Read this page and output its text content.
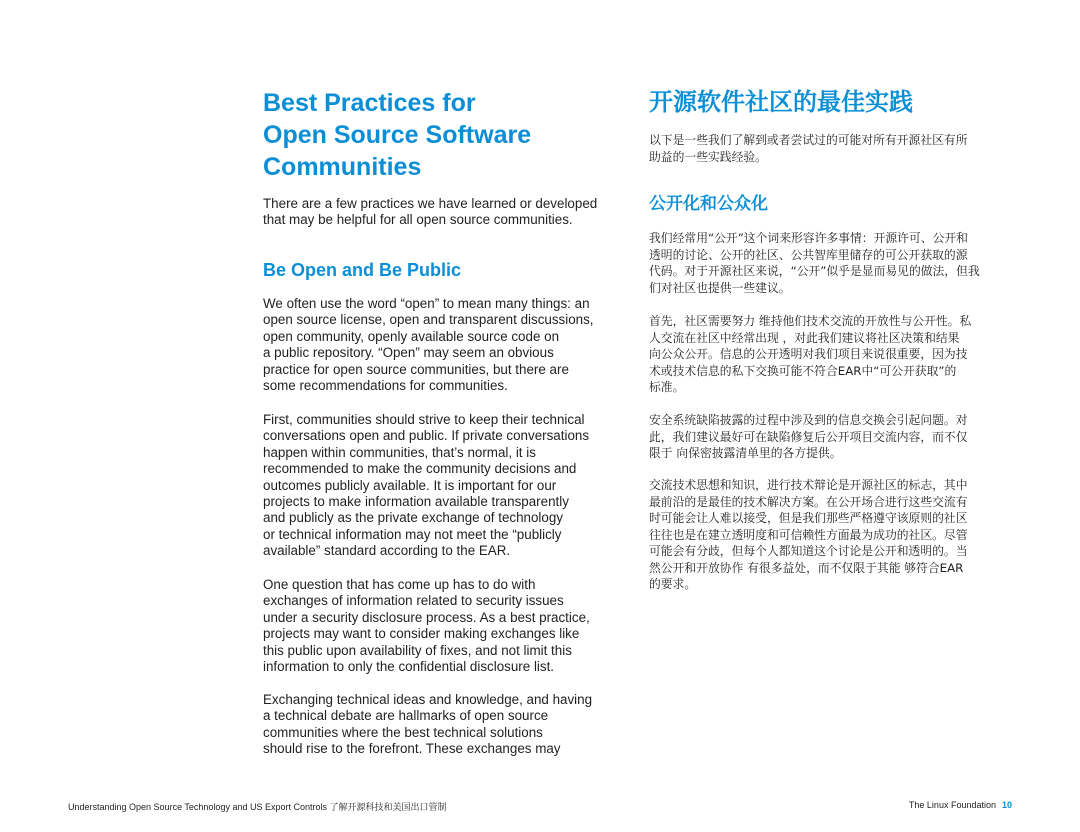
Best Practices for
Open Source Software
Communities

There are a few practices we have learned or developed
that may be helpful for all open source communities.

Be Open and Be Public

We often use the word “open” to mean many things: an
open source license, open and transparent discussions,
open community, openly available source code on
a public repository. “Open” may seem an obvious
practice for open source communities, but there are
some recommendations for communities.

First, communities should strive to keep their technical
conversations open and public. If private conversations
happen within communities, that’s normal, it is
recommended to make the community decisions and
outcomes publicly available. It is important for our
projects to make information available transparently
and publicly as the private exchange of technology
or technical information may not meet the “publicly
available” standard according to the EAR.

One question that has come up has to do with
exchanges of information related to security issues
under a security disclosure process. As a best practice,
projects may want to consider making exchanges like
this public upon availability of fixes, and not limit this
information to only the confidential disclosure list.

Exchanging technical ideas and knowledge, and having
a technical debate are hallmarks of open source
communities where the best technical solutions
should rise to the forefront. These exchanges may

开源软件社区的最佳实践

以下是一些我们了解到或者尝试过的可能对所有开源社区有所
助益的一些实践经验。

公开化和公众化

我们经常用“公开”这个词来形容许多事情：开源许可、公开和
透明的讨论、公开的社区、公共智库里储存的可公开获取的源
代码。对于开源社区来说，“公开”似乎是显而易见的做法，但我
们对社区也提供一些建议。

首先，社区需要努力 维持他们技术交流的开放性与公开性。私
人交流在社区中经常出现 ，对此我们建议将社区决策和结果
向公众公开。信息的公开透明对我们项目来说很重要，因为技
术或技术信息的私下交换可能不符合EAR中“可公开获取”的
标准。

安全系统缺陷披露的过程中涉及到的信息交换会引起问题。对
此，我们建议最好可在缺陷修复后公开项目交流内容，而不仅
限于 向保密披露清单里的各方提供。

交流技术思想和知识，进行技术辩论是开源社区的标志，其中
最前沿的是最佳的技术解决方案。在公开场合进行这些交流有
时可能会让人难以接受，但是我们那些严格遵守该原则的社区
往往也是在建立透明度和可信赖性方面最为成功的社区。尽管
可能会有分歧，但每个人都知道这个讨论是公开和透明的。当
然公开和开放协作 有很多益处，而不仅限于其能 够符合EAR
的要求。

Understanding Open Source Technology and US Export Controls 了解开源科技和美国出口管制	The Linux Foundation 10
